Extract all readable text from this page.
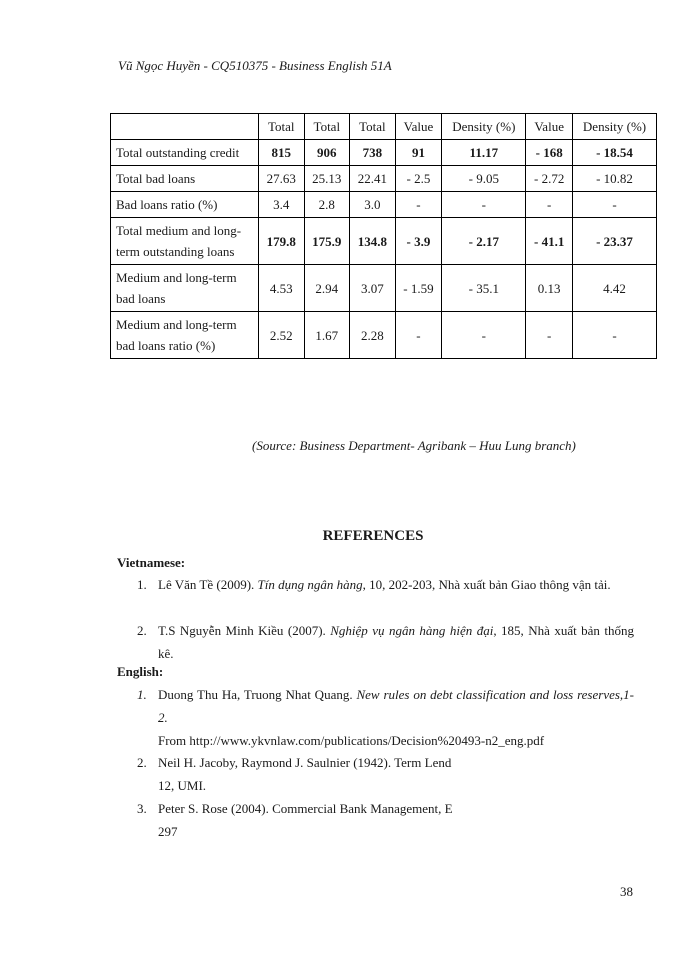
Vũ Ngọc Huyền - CQ510375 - Business English 51A
	Total	Total	Total	Value	Density (%)	Value	Density (%)
Total outstanding credit	815	906	738	91	11.17	- 168	- 18.54
Total bad loans	27.63	25.13	22.41	- 2.5	- 9.05	- 2.72	- 10.82
Bad loans ratio (%)	3.4	2.8	3.0	-	-	-	-
Total medium and long-term outstanding loans	179.8	175.9	134.8	- 3.9	- 2.17	- 41.1	- 23.37
Medium and long-term bad loans	4.53	2.94	3.07	- 1.59	- 35.1	0.13	4.42
Medium and long-term bad loans ratio (%)	2.52	1.67	2.28	-	-	-	-
(Source: Business Department- Agribank – Huu Lung branch)
REFERENCES
Vietnamese:
1. Lê Văn Tề (2009). Tín dụng ngân hàng, 10, 202-203, Nhà xuất bản Giao thông vận tải.
2. T.S Nguyễn Minh Kiều (2007). Nghiệp vụ ngân hàng hiện đại, 185, Nhà xuất bản thống kê.
English:
1. Duong Thu Ha, Truong Nhat Quang. New rules on debt classification and loss reserves,1-2.
From http://www.ykvnlaw.com/publications/Decision%20493-n2_eng.pdf
2. Neil H. Jacoby, Raymond J. Saulnier (1942). Term Lend
12, UMI.
3. Peter S. Rose (2004). Commercial Bank Management, E
297
38
